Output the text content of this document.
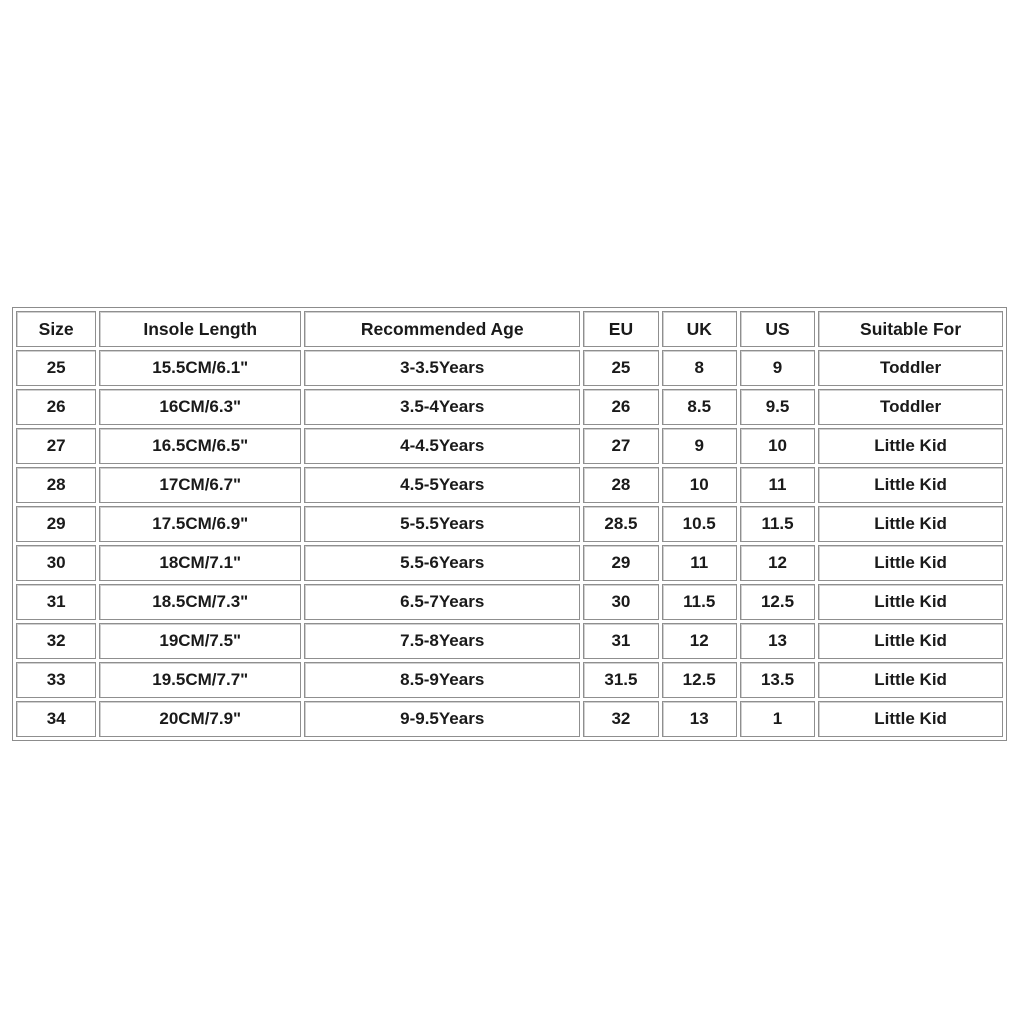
Size	Insole Length	Recommended Age	EU	UK	US	Suitable For
25	15.5CM/6.1"	3-3.5Years	25	8	9	Toddler
26	16CM/6.3"	3.5-4Years	26	8.5	9.5	Toddler
27	16.5CM/6.5"	4-4.5Years	27	9	10	Little Kid
28	17CM/6.7"	4.5-5Years	28	10	11	Little Kid
29	17.5CM/6.9"	5-5.5Years	28.5	10.5	11.5	Little Kid
30	18CM/7.1"	5.5-6Years	29	11	12	Little Kid
31	18.5CM/7.3"	6.5-7Years	30	11.5	12.5	Little Kid
32	19CM/7.5"	7.5-8Years	31	12	13	Little Kid
33	19.5CM/7.7"	8.5-9Years	31.5	12.5	13.5	Little Kid
34	20CM/7.9"	9-9.5Years	32	13	1	Little Kid
